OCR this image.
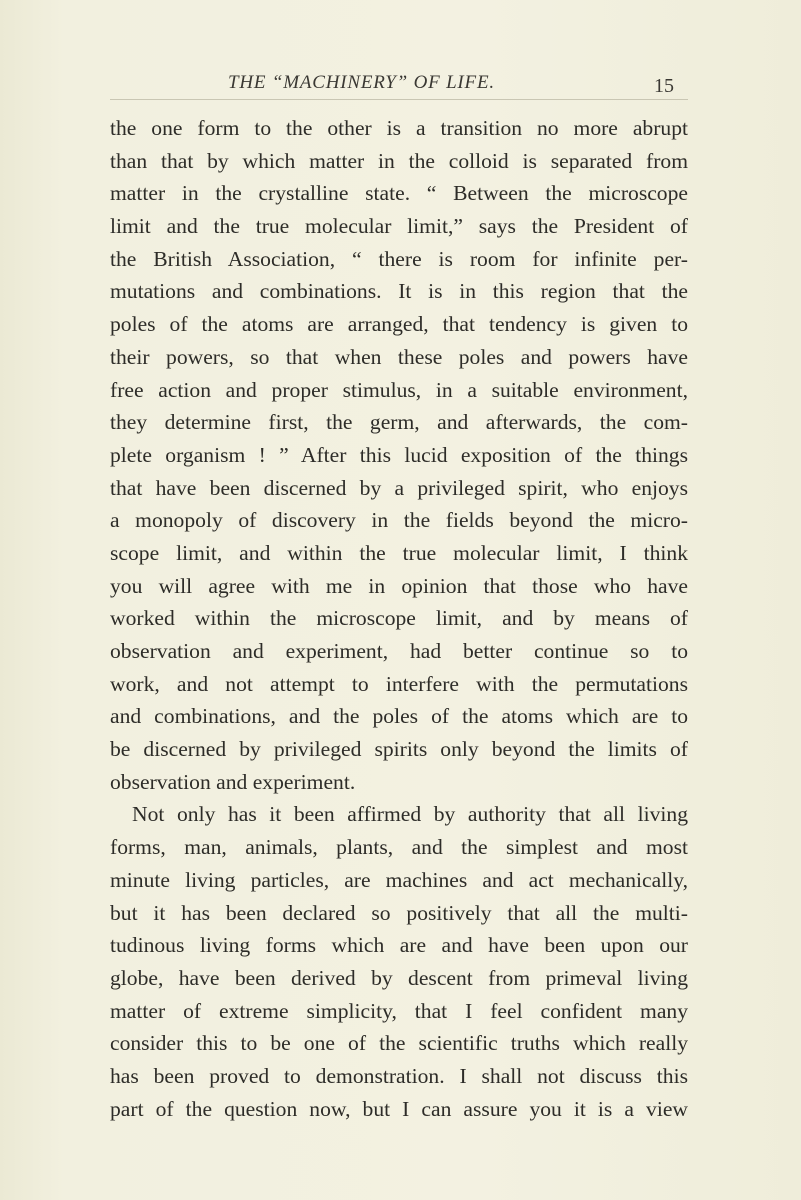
THE “MACHINERY” OF LIFE.	15
the one form to the other is a transition no more abrupt
than that by which matter in the colloid is separated from
matter in the crystalline state. “ Between the microscope
limit and the true molecular limit,” says the President of
the British Association, “ there is room for infinite per-
mutations and combinations. It is in this region that the
poles of the atoms are arranged, that tendency is given to
their powers, so that when these poles and powers have
free action and proper stimulus, in a suitable environment,
they determine first, the germ, and afterwards, the com-
plete organism ! ” After this lucid exposition of the things
that have been discerned by a privileged spirit, who enjoys
a monopoly of discovery in the fields beyond the micro-
scope limit, and within the true molecular limit, I think
you will agree with me in opinion that those who have
worked within the microscope limit, and by means of
observation and experiment, had better continue so to
work, and not attempt to interfere with the permutations
and combinations, and the poles of the atoms which are to
be discerned by privileged spirits only beyond the limits of
observation and experiment.
Not only has it been affirmed by authority that all living
forms, man, animals, plants, and the simplest and most
minute living particles, are machines and act mechanically,
but it has been declared so positively that all the multi-
tudinous living forms which are and have been upon our
globe, have been derived by descent from primeval living
matter of extreme simplicity, that I feel confident many
consider this to be one of the scientific truths which really
has been proved to demonstration. I shall not discuss this
part of the question now, but I can assure you it is a view
